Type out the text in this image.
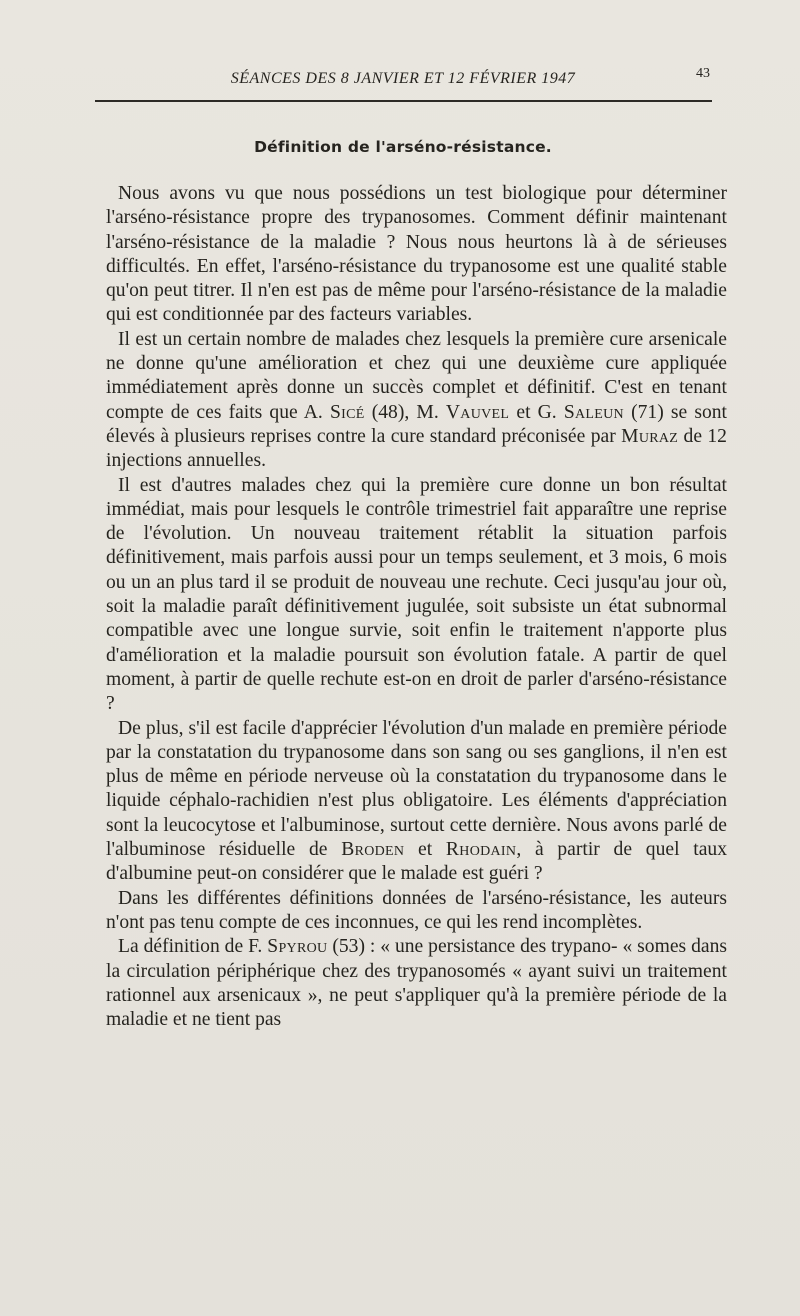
SÉANCES DES 8 JANVIER ET 12 FÉVRIER 1947	43
Définition de l'arséno-résistance.

Nous avons vu que nous possédions un test biologique pour déterminer l'arséno-résistance propre des trypanosomes. Comment définir maintenant l'arséno-résistance de la maladie ? Nous nous heurtons là à de sérieuses difficultés. En effet, l'arséno-résistance du trypanosome est une qualité stable qu'on peut titrer. Il n'en est pas de même pour l'arséno-résistance de la maladie qui est conditionnée par des facteurs variables.

Il est un certain nombre de malades chez lesquels la première cure arsenicale ne donne qu'une amélioration et chez qui une deuxième cure appliquée immédiatement après donne un succès complet et définitif. C'est en tenant compte de ces faits que A. Sicé (48), M. Vauvel et G. Saleun (71) se sont élevés à plusieurs reprises contre la cure standard préconisée par Muraz de 12 injections annuelles.

Il est d'autres malades chez qui la première cure donne un bon résultat immédiat, mais pour lesquels le contrôle trimestriel fait apparaître une reprise de l'évolution. Un nouveau traitement rétablit la situation parfois définitivement, mais parfois aussi pour un temps seulement, et 3 mois, 6 mois ou un an plus tard il se produit de nouveau une rechute. Ceci jusqu'au jour où, soit la maladie paraît définitivement jugulée, soit subsiste un état subnormal compatible avec une longue survie, soit enfin le traitement n'apporte plus d'amélioration et la maladie poursuit son évolution fatale. A partir de quel moment, à partir de quelle rechute est-on en droit de parler d'arséno-résistance ?

De plus, s'il est facile d'apprécier l'évolution d'un malade en première période par la constatation du trypanosome dans son sang ou ses ganglions, il n'en est plus de même en période nerveuse où la constatation du trypanosome dans le liquide céphalo-rachidien n'est plus obligatoire. Les éléments d'appréciation sont la leucocytose et l'albuminose, surtout cette dernière. Nous avons parlé de l'albuminose résiduelle de Broden et Rhodain, à partir de quel taux d'albumine peut-on considérer que le malade est guéri ?

Dans les différentes définitions données de l'arséno-résistance, les auteurs n'ont pas tenu compte de ces inconnues, ce qui les rend incomplètes.

La définition de F. Spyrou (53) : « une persistance des trypano- « somes dans la circulation périphérique chez des trypanosomés « ayant suivi un traitement rationnel aux arsenicaux », ne peut s'appliquer qu'à la première période de la maladie et ne tient pas
